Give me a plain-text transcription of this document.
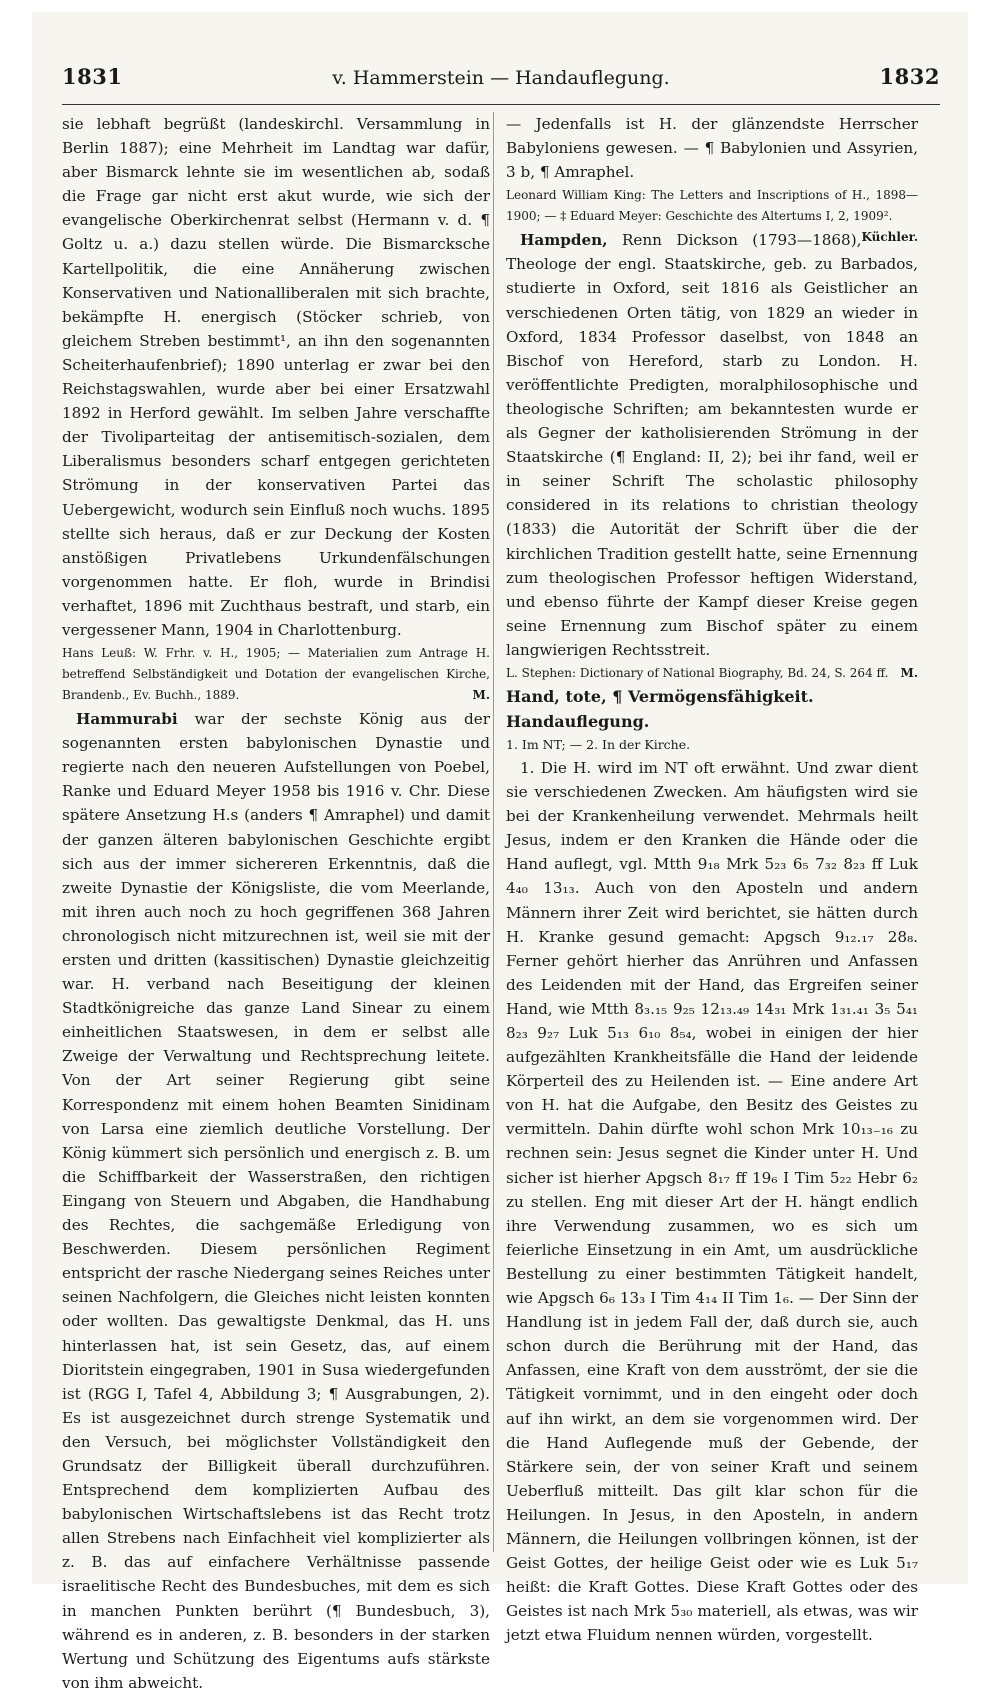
1831	v. Hammerstein — Handauflegung.	1832

sie lebhaft begrüßt (landeskirchl. Versammlung in Berlin 1887); eine Mehrheit im Landtag war dafür, aber Bismarck lehnte sie im wesentlichen ab, sodaß die Frage gar nicht erst akut wurde, wie sich der evangelische Oberkirchenrat selbst (Hermann v. d. ¶ Goltz u. a.) dazu stellen würde. Die Bismarcksche Kartellpolitik, die eine Annäherung zwischen Konservativen und Nationalliberalen mit sich brachte, bekämpfte H. energisch (Stöcker schrieb, von gleichem Streben bestimmt¹, an ihn den sogenannten Scheiterhaufenbrief); 1890 unterlag er zwar bei den Reichstagswahlen, wurde aber bei einer Ersatzwahl 1892 in Herford gewählt. Im selben Jahre verschaffte der Tivoliparteitag der antisemitisch-sozialen, dem Liberalismus besonders scharf entgegen gerichteten Strömung in der konservativen Partei das Uebergewicht, wodurch sein Einfluß noch wuchs. 1895 stellte sich heraus, daß er zur Deckung der Kosten anstößigen Privatlebens Urkundenfälschungen vorgenommen hatte. Er floh, wurde in Brindisi verhaftet, 1896 mit Zuchthaus bestraft, und starb, ein vergessener Mann, 1904 in Charlottenburg.

Hans Leuß: W. Frhr. v. H., 1905; — Materialien zum Antrage H. betreffend Selbständigkeit und Dotation der evangelischen Kirche, Brandenb., Ev. Buchh., 1889.	M.

Hammurabi war der sechste König aus der sogenannten ersten babylonischen Dynastie und regierte nach den neueren Aufstellungen von Poebel, Ranke und Eduard Meyer 1958 bis 1916 v. Chr. Diese spätere Ansetzung H.s (anders ¶ Amraphel) und damit der ganzen älteren babylonischen Geschichte ergibt sich aus der immer sichereren Erkenntnis, daß die zweite Dynastie der Königsliste, die vom Meerlande, mit ihren auch noch zu hoch gegriffenen 368 Jahren chronologisch nicht mitzurechnen ist, weil sie mit der ersten und dritten (kassitischen) Dynastie gleichzeitig war. H. verband nach Beseitigung der kleinen Stadtkönigreiche das ganze Land Sinear zu einem einheitlichen Staatswesen, in dem er selbst alle Zweige der Verwaltung und Rechtsprechung leitete. Von der Art seiner Regierung gibt seine Korrespondenz mit einem hohen Beamten Sinidinam von Larsa eine ziemlich deutliche Vorstellung. Der König kümmert sich persönlich und energisch z. B. um die Schiffbarkeit der Wasserstraßen, den richtigen Eingang von Steuern und Abgaben, die Handhabung des Rechtes, die sachgemäße Erledigung von Beschwerden. Diesem persönlichen Regiment entspricht der rasche Niedergang seines Reiches unter seinen Nachfolgern, die Gleiches nicht leisten konnten oder wollten. Das gewaltigste Denkmal, das H. uns hinterlassen hat, ist sein Gesetz, das, auf einem Dioritstein eingegraben, 1901 in Susa wiedergefunden ist (RGG I, Tafel 4, Abbildung 3; ¶ Ausgrabungen, 2). Es ist ausgezeichnet durch strenge Systematik und den Versuch, bei möglichster Vollständigkeit den Grundsatz der Billigkeit überall durchzuführen. Entsprechend dem komplizierten Aufbau des babylonischen Wirtschaftslebens ist das Recht trotz allen Strebens nach Einfachheit viel komplizierter als z. B. das auf einfachere Verhältnisse passende israelitische Recht des Bundesbuches, mit dem es sich in manchen Punkten berührt (¶ Bundesbuch, 3), während es in anderen, z. B. besonders in der starken Wertung und Schützung des Eigentums aufs stärkste von ihm abweicht.

— Jedenfalls ist H. der glänzendste Herrscher Babyloniens gewesen. — ¶ Babylonien und Assyrien, 3 b, ¶ Amraphel.

Leonard William King: The Letters and Inscriptions of H., 1898—1900; — ‡ Eduard Meyer: Geschichte des Altertums I, 2, 1909².
Küchler.

Hampden, Renn Dickson (1793—1868), Theologe der engl. Staatskirche, geb. zu Barbados, studierte in Oxford, seit 1816 als Geistlicher an verschiedenen Orten tätig, von 1829 an wieder in Oxford, 1834 Professor daselbst, von 1848 an Bischof von Hereford, starb zu London. H. veröffentlichte Predigten, moralphilosophische und theologische Schriften; am bekanntesten wurde er als Gegner der katholisierenden Strömung in der Staatskirche (¶ England: II, 2); bei ihr fand, weil er in seiner Schrift The scholastic philosophy considered in its relations to christian theology (1833) die Autorität der Schrift über die der kirchlichen Tradition gestellt hatte, seine Ernennung zum theologischen Professor heftigen Widerstand, und ebenso führte der Kampf dieser Kreise gegen seine Ernennung zum Bischof später zu einem langwierigen Rechtsstreit.

L. Stephen: Dictionary of National Biography, Bd. 24, S. 264 ff. M.

Hand, tote, ¶ Vermögensfähigkeit.

Handauflegung.

1. Im NT; — 2. In der Kirche.

1. Die H. wird im NT oft erwähnt. Und zwar dient sie verschiedenen Zwecken. Am häufigsten wird sie bei der Krankenheilung verwendet. Mehrmals heilt Jesus, indem er den Kranken die Hände oder die Hand auflegt, vgl. Mtth 9₁₈ Mrk 5₂₃ 6₅ 7₃₂ 8₂₃ ff Luk 4₄₀ 13₁₃. Auch von den Aposteln und andern Männern ihrer Zeit wird berichtet, sie hätten durch H. Kranke gesund gemacht: Apgsch 9₁₂.₁₇ 28₈. Ferner gehört hierher das Anrühren und Anfassen des Leidenden mit der Hand, das Ergreifen seiner Hand, wie Mtth 8₃.₁₅ 9₂₅ 12₁₃.₄₉ 14₃₁ Mrk 1₃₁.₄₁ 3₅ 5₄₁ 8₂₃ 9₂₇ Luk 5₁₃ 6₁₀ 8₅₄, wobei in einigen der hier aufgezählten Krankheitsfälle die Hand der leidende Körperteil des zu Heilenden ist. — Eine andere Art von H. hat die Aufgabe, den Besitz des Geistes zu vermitteln. Dahin dürfte wohl schon Mrk 10₁₃₋₁₆ zu rechnen sein: Jesus segnet die Kinder unter H. Und sicher ist hierher Apgsch 8₁₇ ff 19₆ I Tim 5₂₂ Hebr 6₂ zu stellen. Eng mit dieser Art der H. hängt endlich ihre Verwendung zusammen, wo es sich um feierliche Einsetzung in ein Amt, um ausdrückliche Bestellung zu einer bestimmten Tätigkeit handelt, wie Apgsch 6₆ 13₃ I Tim 4₁₄ II Tim 1₆. — Der Sinn der Handlung ist in jedem Fall der, daß durch sie, auch schon durch die Berührung mit der Hand, das Anfassen, eine Kraft von dem ausströmt, der sie die Tätigkeit vornimmt, und in den eingeht oder doch auf ihn wirkt, an dem sie vorgenommen wird. Der die Hand Auflegende muß der Gebende, der Stärkere sein, der von seiner Kraft und seinem Ueberfluß mitteilt. Das gilt klar schon für die Heilungen. In Jesus, in den Aposteln, in andern Männern, die Heilungen vollbringen können, ist der Geist Gottes, der heilige Geist oder wie es Luk 5₁₇ heißt: die Kraft Gottes. Diese Kraft Gottes oder des Geistes ist nach Mrk 5₃₀ materiell, als etwas, was wir jetzt etwa Fluidum nennen würden, vorgestellt.
